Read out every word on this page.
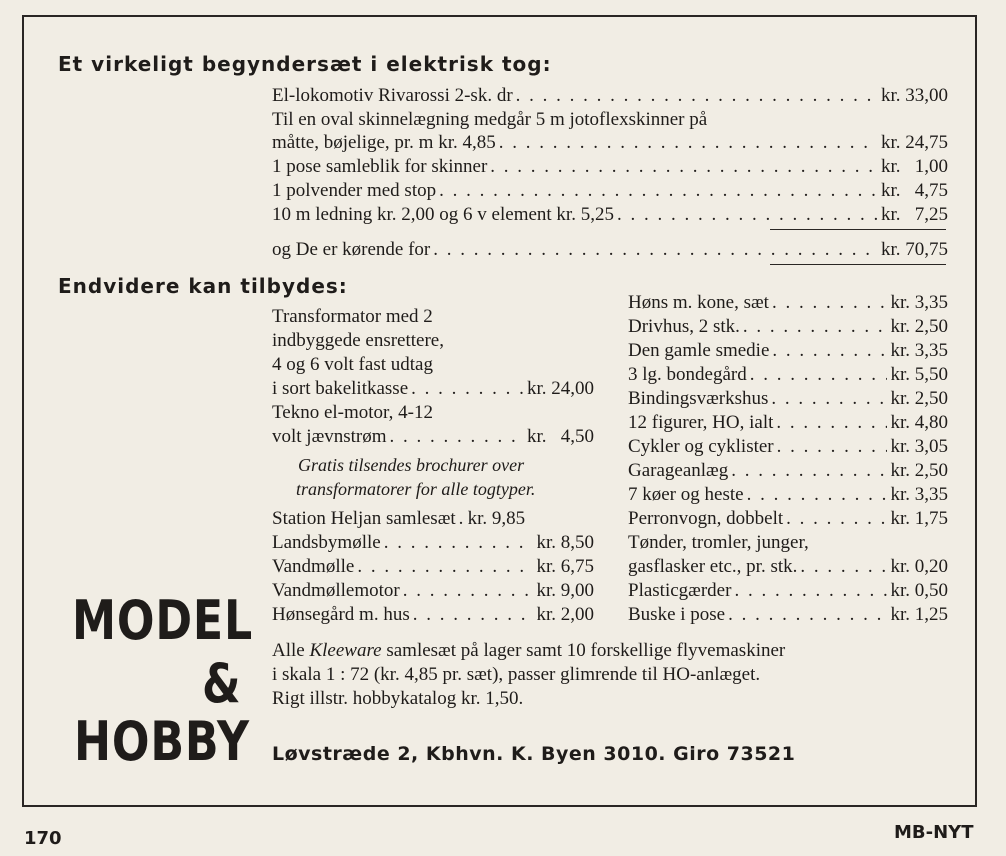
Et virkeligt begyndersæt i elektrisk tog:
El-lokomotiv Rivarossi 2-sk. dr . . .	kr. 33,00
Til en oval skinnelægning medgår 5 m jotoflexskinner på
måtte, bøjelige, pr. m kr. 4,85 . . .	kr. 24,75
1 pose samleblik for skinner . . .	kr.   1,00
1 polvender med stop . . .	kr.   4,75
10 m ledning kr. 2,00 og 6 v element kr. 5,25 . . .	kr.   7,25
og De er kørende for . . .	kr. 70,75
Endvidere kan tilbydes:
Transformator med 2
indbyggede ensrettere,
4 og 6 volt fast udtag
i sort bakelitkasse . . .	kr. 24,00
Tekno el-motor, 4-12
volt jævnstrøm . . .	kr.   4,50
Gratis tilsendes brochurer over
transformatorer for alle togtyper.
Station Heljan samlesæt . . . kr. 9,85
Landsbymølle . . .	kr. 8,50
Vandmølle . . .	kr. 6,75
Vandmøllemotor . . .	kr. 9,00
Hønsegård m. hus . . .	kr. 2,00
Høns m. kone, sæt . . .	kr. 3,35
Drivhus, 2 stk. . . .	kr. 2,50
Den gamle smedie . . .	kr. 3,35
3 lg. bondegård . . .	kr. 5,50
Bindingsværkshus . . .	kr. 2,50
12 figurer, HO, ialt . . .	kr. 4,80
Cykler og cyklister . . .	kr. 3,05
Garageanlæg . . .	kr. 2,50
7 køer og heste . . .	kr. 3,35
Perronvogn, dobbelt . . .	kr. 1,75
Tønder, tromler, junger,
gasflasker etc., pr. stk. . . .	kr. 0,20
Plasticgærder . . .	kr. 0,50
Buske i pose . . .	kr. 1,25
Alle Kleeware samlesæt på lager samt 10 forskellige flyvemaskiner
i skala 1 : 72 (kr. 4,85 pr. sæt), passer glimrende til HO-anlæget.
Rigt illstr. hobbykatalog kr. 1,50.
MODEL
&
HOBBY Løvstræde 2, Kbhvn. K. Byen 3010. Giro 73521
170	MB-NYT
